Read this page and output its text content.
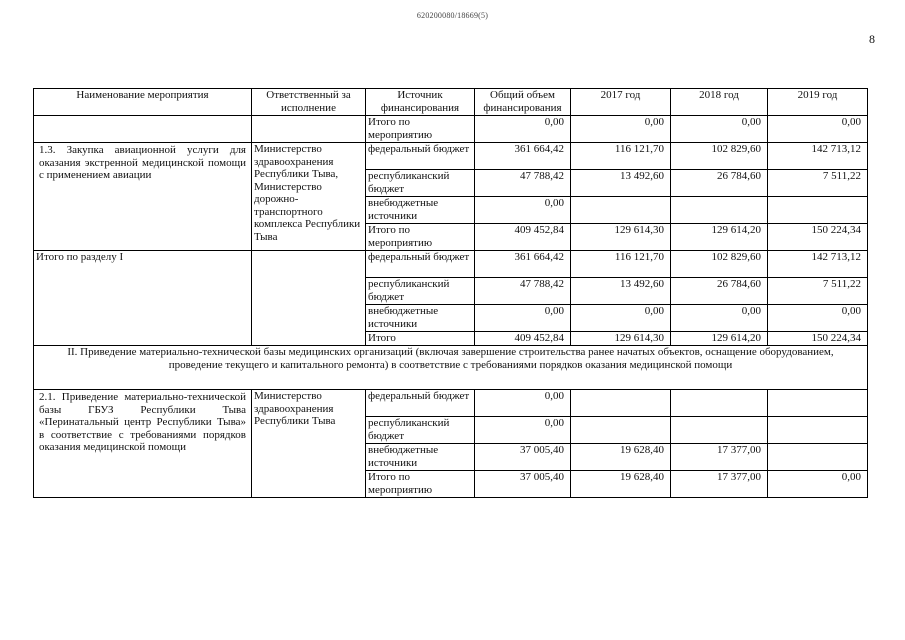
620200080/18669(5)
8
Наименование мероприятия	Ответственный за исполнение	Источник финансирования	Общий объем финансирования	2017 год	2018 год	2019 год
		Итого по мероприятию	0,00	0,00	0,00	0,00
1.3. Закупка авиационной услуги для оказания экстренной медицинской помощи с применением авиации	Министерство здравоохранения Республики Тыва, Министерство дорожно-транспортного комплекса Республики Тыва	федеральный бюджет	361 664,42	116 121,70	102 829,60	142 713,12
		республиканский бюджет	47 788,42	13 492,60	26 784,60	7 511,22
		внебюджетные источники	0,00			
		Итого по мероприятию	409 452,84	129 614,30	129 614,20	150 224,34
Итого по разделу I		федеральный бюджет	361 664,42	116 121,70	102 829,60	142 713,12
		республиканский бюджет	47 788,42	13 492,60	26 784,60	7 511,22
		внебюджетные источники	0,00	0,00	0,00	0,00
		Итого	409 452,84	129 614,30	129 614,20	150 224,34
II. Приведение материально-технической базы медицинских организаций (включая завершение строительства ранее начатых объектов, оснащение оборудованием, проведение текущего и капитального ремонта) в соответствие с требованиями порядков оказания медицинской помощи						
2.1. Приведение материально-технической базы ГБУЗ Республики Тыва «Перинатальный центр Республики Тыва» в соответствие с требованиями порядков оказания медицинской помощи	Министерство здравоохранения Республики Тыва	федеральный бюджет	0,00			
		республиканский бюджет	0,00			
		внебюджетные источники	37 005,40	19 628,40	17 377,00	
		Итого по мероприятию	37 005,40	19 628,40	17 377,00	0,00
